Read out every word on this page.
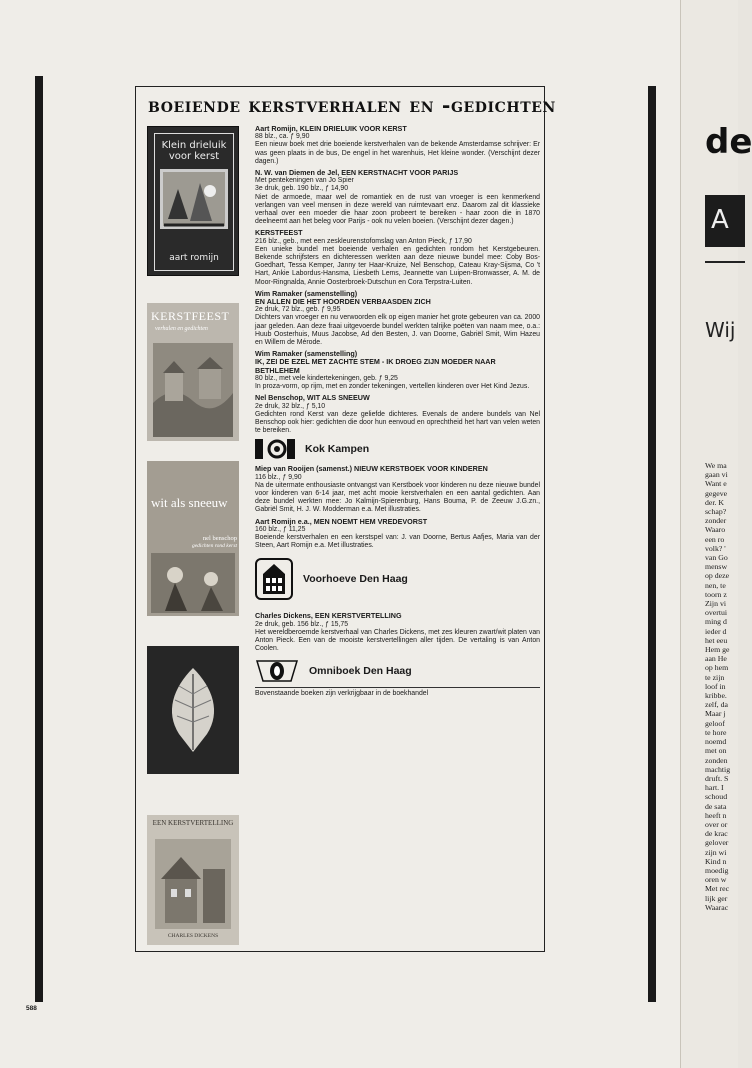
boeiende kerstverhalen en -gedichten
Klein drieluik
voor kerst
aart romijn
KERSTFEEST
verhalen en gedichten
wit als sneeuw
nel benschop
gedichten rond kerst
EEN KERSTVERTELLING
CHARLES DICKENS

Aart Romijn, KLEIN DRIELUIK VOOR KERST

88 blz., ca. ƒ 9,90

Een nieuw boek met drie boeiende kerstverhalen van de bekende Amsterdamse schrijver: Er was geen plaats in de bus, De engel in het warenhuis, Het kleine wonder. (Verschijnt dezer dagen.)

N. W. van Diemen de Jel, EEN KERSTNACHT VOOR PARIJS

Met pentekeningen van Jo Spier

3e druk, geb. 190 blz., ƒ 14,90

Niet de armoede, maar wel de romantiek en de rust van vroeger is een kenmerkend verlangen van veel mensen in deze wereld van ruimtevaart enz. Daarom zal dit klassieke verhaal over een moeder die haar zoon probeert te bereiken - haar zoon die in 1870 deelneemt aan het beleg voor Parijs - ook nu velen boeien. (Verschijnt dezer dagen.)

KERSTFEEST

216 blz., geb., met een zeskleurenstofomslag van Anton Pieck, ƒ 17,90

Een unieke bundel met boeiende verhalen en gedichten rondom het Kerstgebeuren. Bekende schrijfsters en dichteressen werkten aan deze nieuwe bundel mee: Coby Bos-Goedhart, Tessa Kemper, Janny ter Haar-Kruize, Nel Benschop, Cateau Kray-Sijsma, Co 't Hart, Ankie Labordus-Hansma, Liesbeth Lems, Jeannette van Luipen-Bronwasser, A. M. de Moor-Ringnalda, Annie Oosterbroek-Dutschun en Cora Terpstra-Luiten.

Wim Ramaker (samenstelling)

EN ALLEN DIE HET HOORDEN VERBAASDEN ZICH

2e druk, 72 blz., geb. ƒ 9,95

Dichters van vroeger en nu verwoorden elk op eigen manier het grote gebeuren van ca. 2000 jaar geleden. Aan deze fraai uitgevoerde bundel werkten talrijke poëten van naam mee, o.a.: Huub Oosterhuis, Muus Jacobse, Ad den Besten, J. van Doorne, Gabriël Smit, Wim Hazeu en Willem de Mérode.

Wim Ramaker (samenstelling)

IK, ZEI DE EZEL MET ZACHTE STEM - IK DROEG ZIJN MOEDER NAAR BETHLEHEM

80 blz., met vele kindertekeningen, geb. ƒ 9,25

In proza-vorm, op rijm, met en zonder tekeningen, vertellen kinderen over Het Kind Jezus.

Nel Benschop, WIT ALS SNEEUW

2e druk, 32 blz., ƒ 5,10

Gedichten rond Kerst van deze geliefde dichteres. Evenals de andere bundels van Nel Benschop ook hier: gedichten die door hun eenvoud en oprechtheid het hart van velen weten te bereiken.

Kok Kampen

Miep van Rooijen (samenst.) NIEUW KERSTBOEK VOOR KINDEREN

116 blz., ƒ 9,90

Na de uitermate enthousiaste ontvangst van Kerstboek voor kinderen nu deze nieuwe bundel voor kinderen van 6-14 jaar, met acht mooie kerstverhalen en een aantal gedichten. Aan deze bundel werkten mee: Jo Kalmijn-Spierenburg, Hans Bouma, P. de Zeeuw J.G.zn., Gabriël Smit, H. J. W. Modderman e.a. Met illustraties.

Aart Romijn e.a., MEN NOEMT HEM VREDEVORST

160 blz., ƒ 11,25

Boeiende kerstverhalen en een kerstspel van: J. van Doorne, Bertus Aafjes, Maria van der Steen, Aart Romijn e.a. Met illustraties.

Voorhoeve Den Haag

Charles Dickens, EEN KERSTVERTELLING

2e druk, geb. 156 blz., ƒ 15,75

Het wereldberoemde kerstverhaal van Charles Dickens, met zes kleuren zwart/wit platen van Anton Pieck. Een van de mooiste kerstvertellingen aller tijden. De vertaling is van Anton Coolen.

Omniboek Den Haag
Bovenstaande boeken zijn verkrijgbaar in de boekhandel
588
de
A
Wij
We ma
gaan vi
Want e
gegeve
der. K
schap?
zonder
Waaro
een ro
volk? '
van Go
mensw
op deze
nen, te
toorn z
Zijn vi
overtui
ming d
ieder d
het eeu
Hem ge
aan He
op hem
te zijn
loof in
kribbe.
zelf, da
Maar j
geloof
te hore
noemd
met on
zonden
machtig
druft. S
hart. I
schoud
de sata
heeft n
over or
de krac
gelover
zijn wi
Kind n
moedig
oren w
Met rec
lijk ger
Waarac
